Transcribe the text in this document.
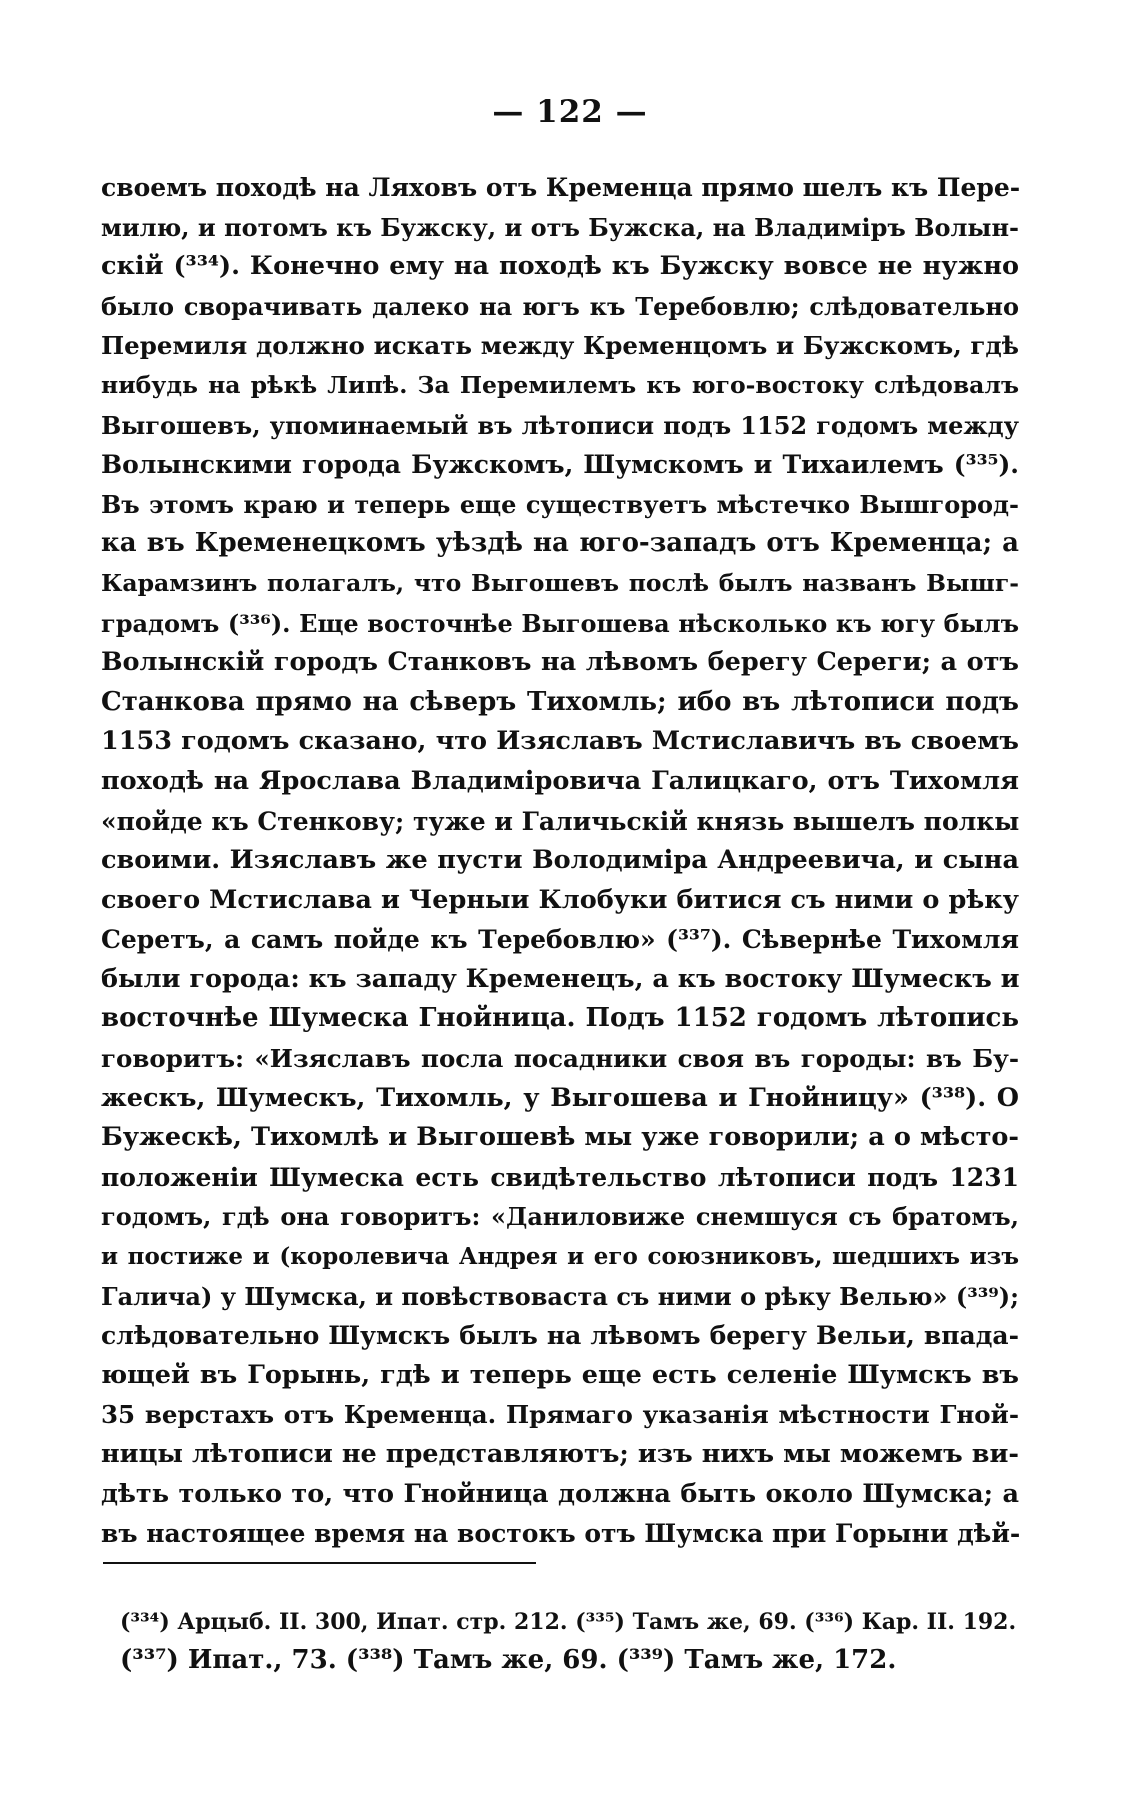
— 122 —
своемъ походѣ на Ляховъ отъ Кременца прямо шелъ къ Пере-
милю, и потомъ къ Бужску, и отъ Бужска, на Владиміръ Волын-
скій (³³⁴). Конечно ему на походѣ къ Бужску вовсе не нужно
было сворачивать далеко на югъ къ Теребовлю; слѣдовательно
Перемиля должно искать между Кременцомъ и Бужскомъ, гдѣ
нибудь на рѣкѣ Липѣ. За Перемилемъ къ юго-востоку слѣдовалъ
Выгошевъ, упоминаемый въ лѣтописи подъ 1152 годомъ между
Волынскими города Бужскомъ, Шумскомъ и Тихаилемъ (³³⁵).
Въ этомъ краю и теперь еще существуетъ мѣстечко Вышгород-
ка въ Кременецкомъ уѣздѣ на юго-западъ отъ Кременца; а
Карамзинъ полагалъ, что Выгошевъ послѣ былъ названъ Вышг-
градомъ (³³⁶). Еще восточнѣе Выгошева нѣсколько къ югу былъ
Волынскій городъ Станковъ на лѣвомъ берегу Сереги; а отъ
Станкова прямо на сѣверъ Тихомль; ибо въ лѣтописи подъ
1153 годомъ сказано, что Изяславъ Мстиславичъ въ своемъ
походѣ на Ярослава Владиміровича Галицкаго, отъ Тихомля
«пойде къ Стенкову; туже и Галичьскій князь вышелъ полкы
своими. Изяславъ же пусти Володиміра Андреевича, и сына
своего Мстислава и Черныи Клобуки битися съ ними о рѣку
Серетъ, а самъ пойде къ Теребовлю» (³³⁷). Сѣвернѣе Тихомля
были города: къ западу Кременецъ, а къ востоку Шумескъ и
восточнѣе Шумеска Гнойница. Подъ 1152 годомъ лѣтопись
говоритъ: «Изяславъ посла посадники своя въ городы: въ Бу-
жескъ, Шумескъ, Тихомль, у Выгошева и Гнойницу» (³³⁸). О
Бужескѣ, Тихомлѣ и Выгошевѣ мы уже говорили; а о мѣсто-
положеніи Шумеска есть свидѣтельство лѣтописи подъ 1231
годомъ, гдѣ она говоритъ: «Даниловиже снемшуся съ братомъ,
и постиже и (королевича Андрея и его союзниковъ, шедшихъ изъ
Галича) у Шумска, и повѣствоваста съ ними о рѣку Велью» (³³⁹);
слѣдовательно Шумскъ былъ на лѣвомъ берегу Вельи, впада-
ющей въ Горынь, гдѣ и теперь еще есть селеніе Шумскъ въ
35 верстахъ отъ Кременца. Прямаго указанія мѣстности Гной-
ницы лѣтописи не представляютъ; изъ нихъ мы можемъ ви-
дѣть только то, что Гнойница должна быть около Шумска; а
въ настоящее время на востокъ отъ Шумска при Горыни дѣй-
(³³⁴) Арцыб. II. 300, Ипат. стр. 212. (³³⁵) Тамъ же, 69. (³³⁶) Кар. II. 192.
(³³⁷) Ипат., 73. (³³⁸) Тамъ же, 69. (³³⁹) Тамъ же, 172.
